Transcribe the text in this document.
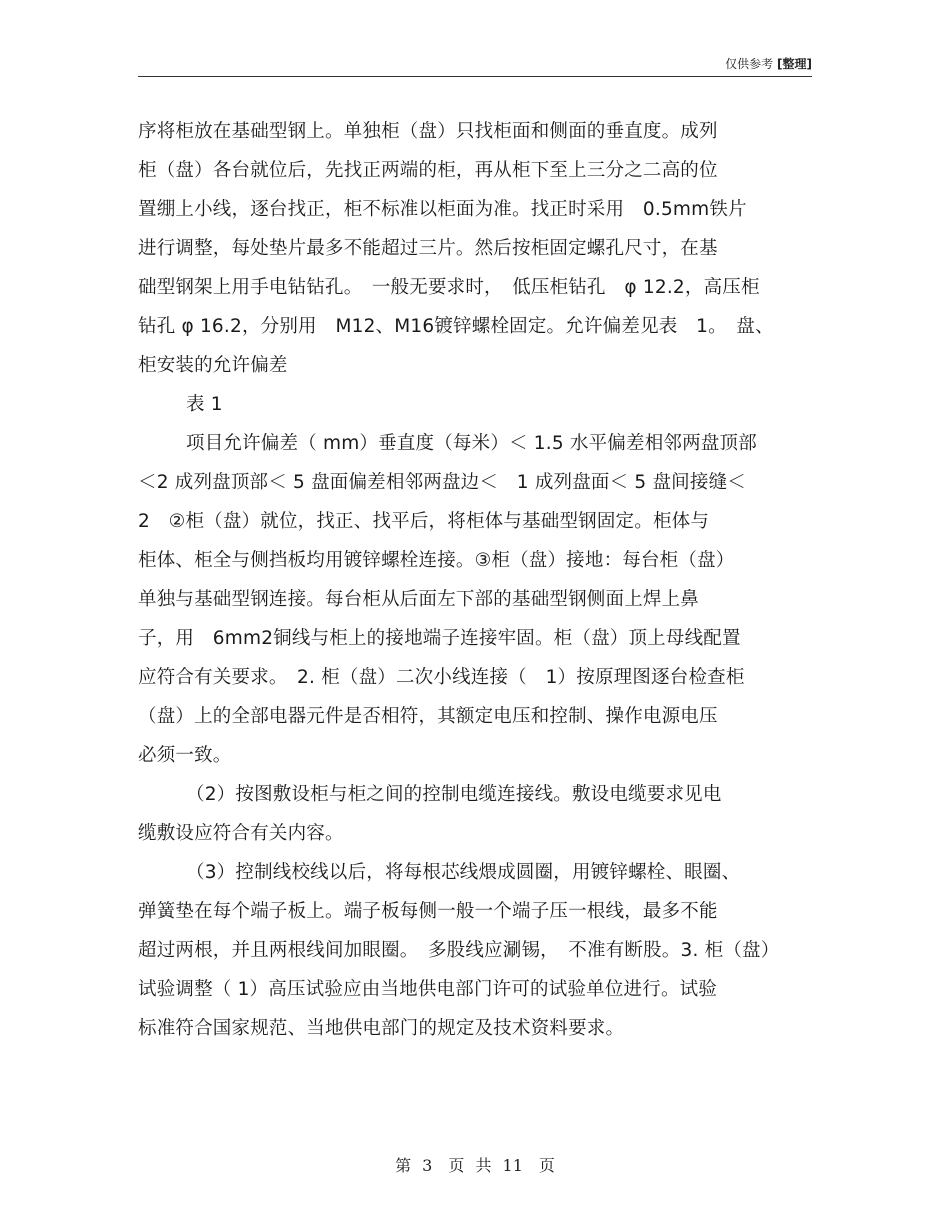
仅供参考 [整理]
序将柜放在基础型钢上。单独柜（盘）只找柜面和侧面的垂直度。成列
柜（盘）各台就位后，先找正两端的柜，再从柜下至上三分之二高的位
置绷上小线，逐台找正，柜不标准以柜面为准。找正时采用　0.5mm铁片
进行调整，每处垫片最多不能超过三片。然后按柜固定螺孔尺寸，在基
础型钢架上用手电钻钻孔。　一般无要求时，　低压柜钻孔　φ 12.2，高压柜
钻孔 φ 16.2，分别用　M12、M16镀锌螺栓固定。允许偏差见表　1。　盘、
柜安装的允许偏差
表 1
项目允许偏差（ mm）垂直度（每米）＜ 1.5 水平偏差相邻两盘顶部
＜2 成列盘顶部＜ 5 盘面偏差相邻两盘边＜　1 成列盘面＜ 5 盘间接缝＜
2　②柜（盘）就位，找正、找平后，将柜体与基础型钢固定。柜体与
柜体、柜全与侧挡板均用镀锌螺栓连接。③柜（盘）接地：每台柜（盘）
单独与基础型钢连接。每台柜从后面左下部的基础型钢侧面上焊上鼻
子，用　6mm2铜线与柜上的接地端子连接牢固。柜（盘）顶上母线配置
应符合有关要求。　2. 柜（盘）二次小线连接（　1）按原理图逐台检查柜
（盘）上的全部电器元件是否相符，其额定电压和控制、操作电源电压
必须一致。
（2）按图敷设柜与柜之间的控制电缆连接线。敷设电缆要求见电
缆敷设应符合有关内容。
（3）控制线校线以后，将每根芯线煨成圆圈，用镀锌螺栓、眼圈、
弹簧垫在每个端子板上。端子板每侧一般一个端子压一根线，最多不能
超过两根，并且两根线间加眼圈。　多股线应涮锡，　不准有断股。3. 柜（盘）
试验调整（ 1）高压试验应由当地供电部门许可的试验单位进行。试验
标准符合国家规范、当地供电部门的规定及技术资料要求。
第 3　页 共 11　页
